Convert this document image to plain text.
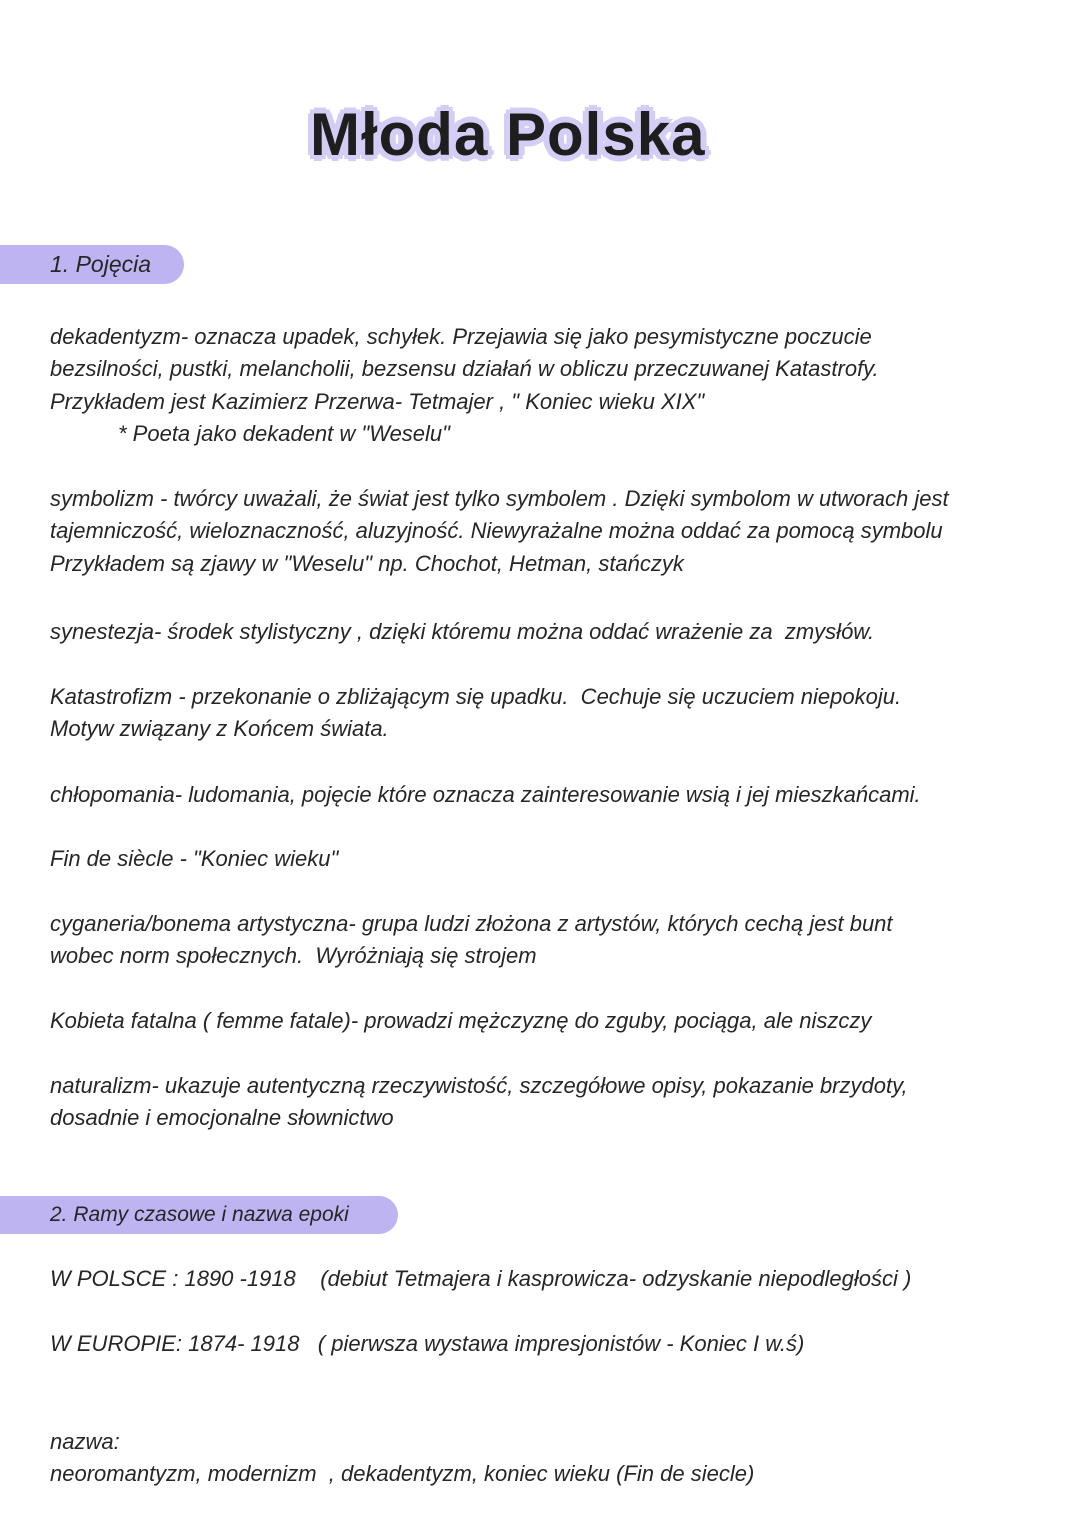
Młoda Polska
1. Pojęcia
dekadentyzm- oznacza upadek, schyłek. Przejawia się jako pesymistyczne poczucie
bezsilności, pustki, melancholii, bezsensu działań w obliczu przeczuwanej Katastrofy.
Przykładem jest Kazimierz Przerwa- Tetmajer , " Koniec wieku XIX"
* Poeta jako dekadent w "Weselu"
symbolizm - twórcy uważali, że świat jest tylko symbolem . Dzięki symbolom w utworach jest
tajemniczość, wieloznaczność, aluzyjność. Niewyrażalne można oddać za pomocą symbolu
Przykładem są zjawy w "Weselu" np. Chochot, Hetman, stańczyk
synestezja- środek stylistyczny , dzięki któremu można oddać wrażenie za  zmysłów.
Katastrofizm - przekonanie o zbliżającym się upadku.  Cechuje się uczuciem niepokoju.
Motyw związany z Końcem świata.
chłopomania- ludomania, pojęcie które oznacza zainteresowanie wsią i jej mieszkańcami.
Fin de siècle - "Koniec wieku"
cyganeria/bonema artystyczna- grupa ludzi złożona z artystów, których cechą jest bunt
wobec norm społecznych.  Wyróżniają się strojem
Kobieta fatalna ( femme fatale)- prowadzi mężczyznę do zguby, pociąga, ale niszczy
naturalizm- ukazuje autentyczną rzeczywistość, szczegółowe opisy, pokazanie brzydoty,
dosadnie i emocjonalne słownictwo
2. Ramy czasowe i nazwa epoki
W POLSCE : 1890 -1918    (debiut Tetmajera i kasprowicza- odzyskanie niepodległości )
W EUROPIE: 1874- 1918   ( pierwsza wystawa impresjonistów - Koniec I w.ś)
nazwa:
neoromantyzm, modernizm  , dekadentyzm, koniec wieku (Fin de siecle)
